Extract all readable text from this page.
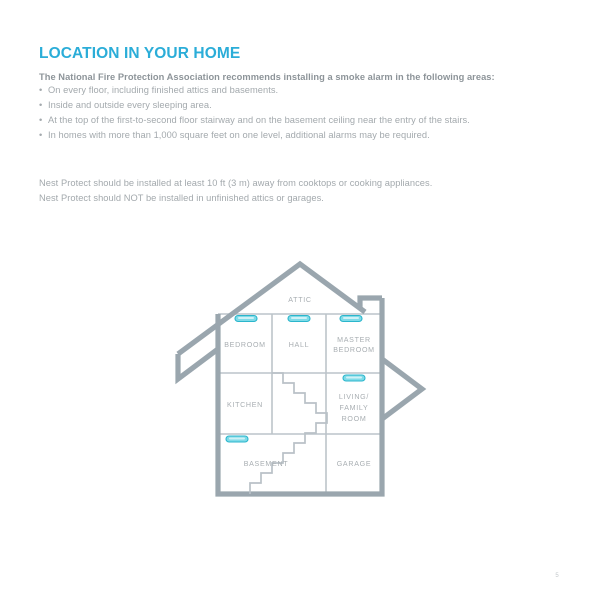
LOCATION IN YOUR HOME

The National Fire Protection Association recommends installing a smoke alarm in the following areas:

• On every floor, including finished attics and basements.
• Inside and outside every sleeping area.
• At the top of the first-to-second floor stairway and on the basement ceiling near the entry of the stairs.
• In homes with more than 1,000 square feet on one level, additional alarms may be required.
Nest Protect should be installed at least 10 ft (3 m) away from cooktops or cooking appliances.
Nest Protect should NOT be installed in unfinished attics or garages.
ATTIC
BEDROOM	HALL
MASTER
BEDROOM
KITCHEN
LIVING/
FAMILY
ROOM
BASEMENT	GARAGE
5
